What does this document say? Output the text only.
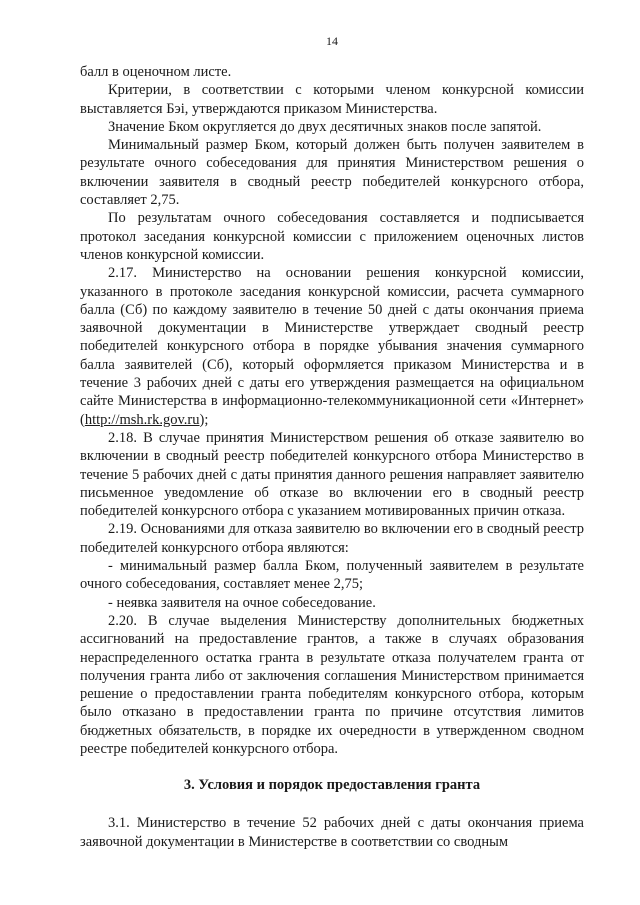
14

балл в оценочном листе.

Критерии, в соответствии с которыми членом конкурсной комиссии выставляется Бэi, утверждаются приказом Министерства.

Значение Бком округляется до двух десятичных знаков после запятой.

Минимальный размер Бком, который должен быть получен заявителем в результате очного собеседования для принятия Министерством решения о включении заявителя в сводный реестр победителей конкурсного отбора, составляет 2,75.

По результатам очного собеседования составляется и подписывается протокол заседания конкурсной комиссии с приложением оценочных листов членов конкурсной комиссии.

2.17. Министерство на основании решения конкурсной комиссии, указанного в протоколе заседания конкурсной комиссии, расчета суммарного балла (Сб) по каждому заявителю в течение 50 дней с даты окончания приема заявочной документации в Министерстве утверждает сводный реестр победителей конкурсного отбора в порядке убывания значения суммарного балла заявителей (Сб), который оформляется приказом Министерства и в течение 3 рабочих дней с даты его утверждения размещается на официальном сайте Министерства в информационно-телекоммуникационной сети «Интернет» (http://msh.rk.gov.ru);

2.18. В случае принятия Министерством решения об отказе заявителю во включении в сводный реестр победителей конкурсного отбора Министерство в течение 5 рабочих дней с даты принятия данного решения направляет заявителю письменное уведомление об отказе во включении его в сводный реестр победителей конкурсного отбора с указанием мотивированных причин отказа.

2.19. Основаниями для отказа заявителю во включении его в сводный реестр победителей конкурсного отбора являются:

- минимальный размер балла Бком, полученный заявителем в результате очного собеседования, составляет менее 2,75;

- неявка заявителя на очное собеседование.

2.20. В случае выделения Министерству дополнительных бюджетных ассигнований на предоставление грантов, а также в случаях образования нераспределенного остатка гранта в результате отказа получателем гранта от получения гранта либо от заключения соглашения Министерством принимается решение о предоставлении гранта победителям конкурсного отбора, которым было отказано в предоставлении гранта по причине отсутствия лимитов бюджетных обязательств, в порядке их очередности в утвержденном сводном реестре победителей конкурсного отбора.

3. Условия и порядок предоставления гранта

3.1. Министерство в течение 52 рабочих дней с даты окончания приема заявочной документации в Министерстве в соответствии со сводным
